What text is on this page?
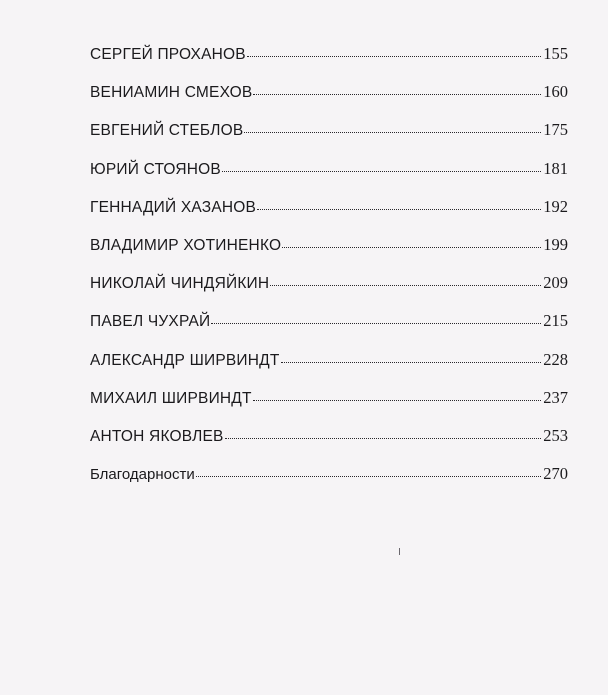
СЕРГЕЙ ПРОХАНОВ	155
ВЕНИАМИН СМЕХОВ	160
ЕВГЕНИЙ СТЕБЛОВ	175
ЮРИЙ СТОЯНОВ	181
ГЕННАДИЙ ХАЗАНОВ	192
ВЛАДИМИР ХОТИНЕНКО	199
НИКОЛАЙ ЧИНДЯЙКИН	209
ПАВЕЛ ЧУХРАЙ	215
АЛЕКСАНДР ШИРВИНДТ	228
МИХАИЛ ШИРВИНДТ	237
АНТОН ЯКОВЛЕВ	253
Благодарности	270
